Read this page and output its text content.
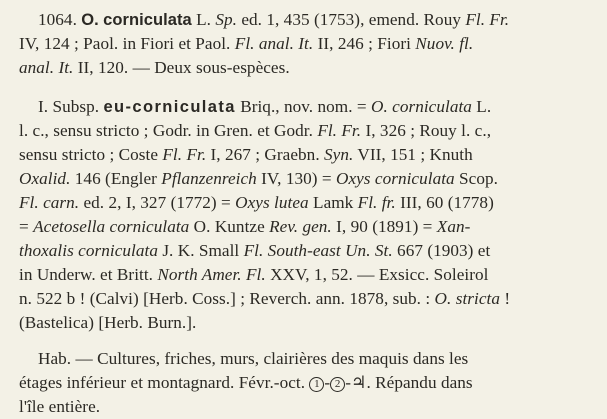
1064. O. corniculata L. Sp. ed. 1, 435 (1753), emend. Rouy Fl. Fr.
IV, 124 ; Paol. in Fiori et Paol. Fl. anal. It. II, 246 ; Fiori Nuov. fl.
anal. It. II, 120. — Deux sous-espèces.
I. Subsp. eu-corniculata Briq., nov. nom. = O. corniculata L.
l. c., sensu stricto ; Godr. in Gren. et Godr. Fl. Fr. I, 326 ; Rouy l. c.,
sensu stricto ; Coste Fl. Fr. I, 267 ; Graebn. Syn. VII, 151 ; Knuth
Oxalid. 146 (Engler Pflanzenreich IV, 130) = Oxys corniculata Scop.
Fl. carn. ed. 2, I, 327 (1772) = Oxys lutea Lamk Fl. fr. III, 60 (1778)
= Acetosella corniculata O. Kuntze Rev. gen. I, 90 (1891) = Xan-
thoxalis corniculata J. K. Small Fl. South-east Un. St. 667 (1903) et
in Underw. et Britt. North Amer. Fl. XXV, 1, 52. — Exsicc. Soleirol
n. 522 b ! (Calvi) [Herb. Coss.] ; Reverch. ann. 1878, sub. : O. stricta !
(Bastelica) [Herb. Burn.].
Hab. — Cultures, friches, murs, clairières des maquis dans les
étages inférieur et montagnard. Févr.-oct. 1 - 2 -♃. Répandu dans
l'île entière.
